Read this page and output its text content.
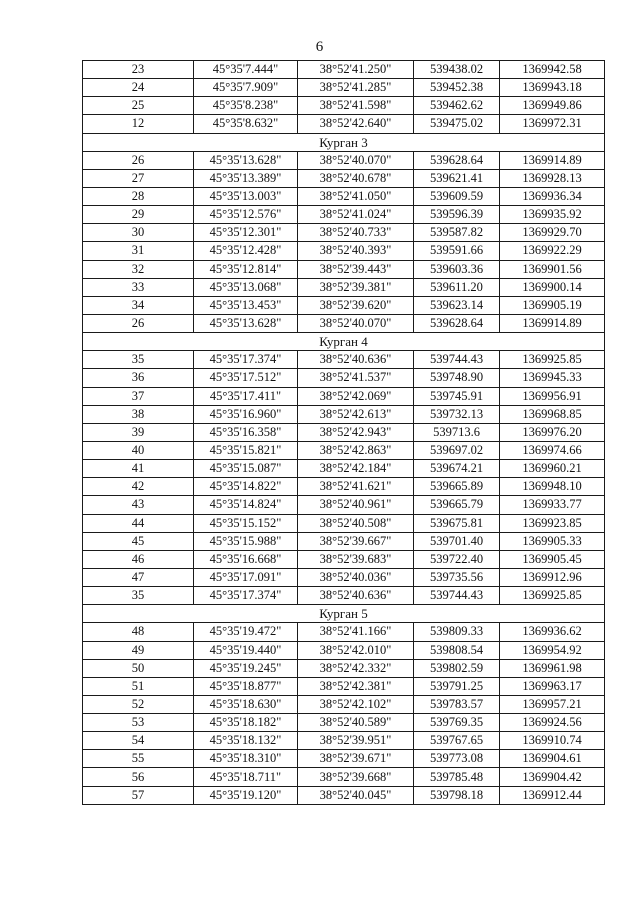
6
23	45°35'7.444"	38°52'41.250"	539438.02	1369942.58
24	45°35'7.909"	38°52'41.285"	539452.38	1369943.18
25	45°35'8.238"	38°52'41.598"	539462.62	1369949.86
12	45°35'8.632"	38°52'42.640"	539475.02	1369972.31
Курган 3				
26	45°35'13.628"	38°52'40.070"	539628.64	1369914.89
27	45°35'13.389"	38°52'40.678"	539621.41	1369928.13
28	45°35'13.003"	38°52'41.050"	539609.59	1369936.34
29	45°35'12.576"	38°52'41.024"	539596.39	1369935.92
30	45°35'12.301"	38°52'40.733"	539587.82	1369929.70
31	45°35'12.428"	38°52'40.393"	539591.66	1369922.29
32	45°35'12.814"	38°52'39.443"	539603.36	1369901.56
33	45°35'13.068"	38°52'39.381"	539611.20	1369900.14
34	45°35'13.453"	38°52'39.620"	539623.14	1369905.19
26	45°35'13.628"	38°52'40.070"	539628.64	1369914.89
Курган 4				
35	45°35'17.374"	38°52'40.636"	539744.43	1369925.85
36	45°35'17.512"	38°52'41.537"	539748.90	1369945.33
37	45°35'17.411"	38°52'42.069"	539745.91	1369956.91
38	45°35'16.960"	38°52'42.613"	539732.13	1369968.85
39	45°35'16.358"	38°52'42.943"	539713.6	1369976.20
40	45°35'15.821"	38°52'42.863"	539697.02	1369974.66
41	45°35'15.087"	38°52'42.184"	539674.21	1369960.21
42	45°35'14.822"	38°52'41.621"	539665.89	1369948.10
43	45°35'14.824"	38°52'40.961"	539665.79	1369933.77
44	45°35'15.152"	38°52'40.508"	539675.81	1369923.85
45	45°35'15.988"	38°52'39.667"	539701.40	1369905.33
46	45°35'16.668"	38°52'39.683"	539722.40	1369905.45
47	45°35'17.091"	38°52'40.036"	539735.56	1369912.96
35	45°35'17.374"	38°52'40.636"	539744.43	1369925.85
Курган 5				
48	45°35'19.472"	38°52'41.166"	539809.33	1369936.62
49	45°35'19.440"	38°52'42.010"	539808.54	1369954.92
50	45°35'19.245"	38°52'42.332"	539802.59	1369961.98
51	45°35'18.877"	38°52'42.381"	539791.25	1369963.17
52	45°35'18.630"	38°52'42.102"	539783.57	1369957.21
53	45°35'18.182"	38°52'40.589"	539769.35	1369924.56
54	45°35'18.132"	38°52'39.951"	539767.65	1369910.74
55	45°35'18.310"	38°52'39.671"	539773.08	1369904.61
56	45°35'18.711"	38°52'39.668"	539785.48	1369904.42
57	45°35'19.120"	38°52'40.045"	539798.18	1369912.44
